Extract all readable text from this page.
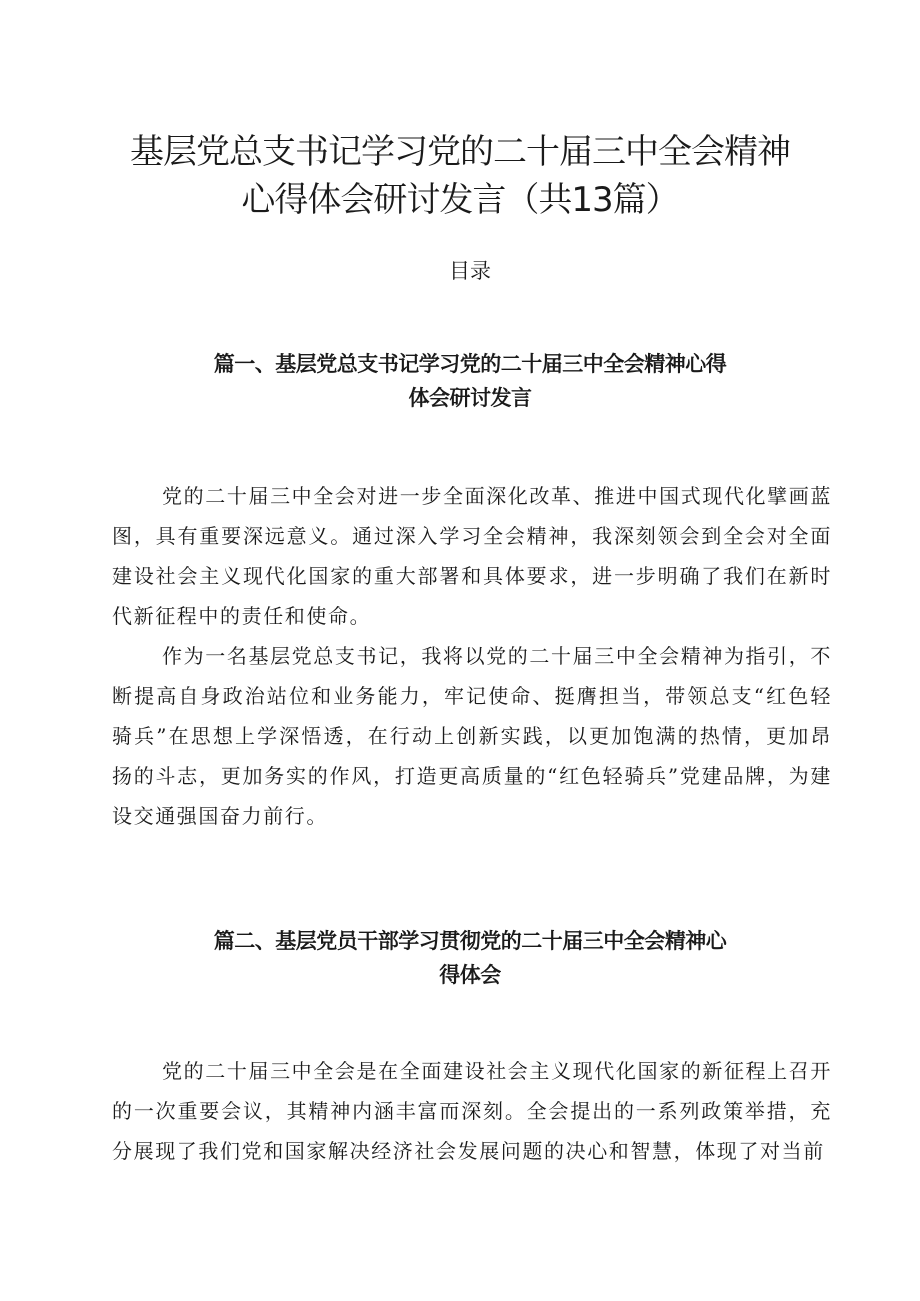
基层党总支书记学习党的二十届三中全会精神
心得体会研讨发言（共13篇）
目录
篇一、基层党总支书记学习党的二十届三中全会精神心得
体会研讨发言

党的二十届三中全会对进一步全面深化改革、推进中国式现代化擘画蓝图，具有重要深远意义。通过深入学习全会精神，我深刻领会到全会对全面建设社会主义现代化国家的重大部署和具体要求，进一步明确了我们在新时代新征程中的责任和使命。

作为一名基层党总支书记，我将以党的二十届三中全会精神为指引，不断提高自身政治站位和业务能力，牢记使命、挺膺担当，带领总支“红色轻骑兵”在思想上学深悟透，在行动上创新实践，以更加饱满的热情，更加昂扬的斗志，更加务实的作风，打造更高质量的“红色轻骑兵”党建品牌，为建设交通强国奋力前行。

篇二、基层党员干部学习贯彻党的二十届三中全会精神心
得体会

党的二十届三中全会是在全面建设社会主义现代化国家的新征程上召开的一次重要会议，其精神内涵丰富而深刻。全会提出的一系列政策举措，充分展现了我们党和国家解决经济社会发展问题的决心和智慧，体现了对当前
